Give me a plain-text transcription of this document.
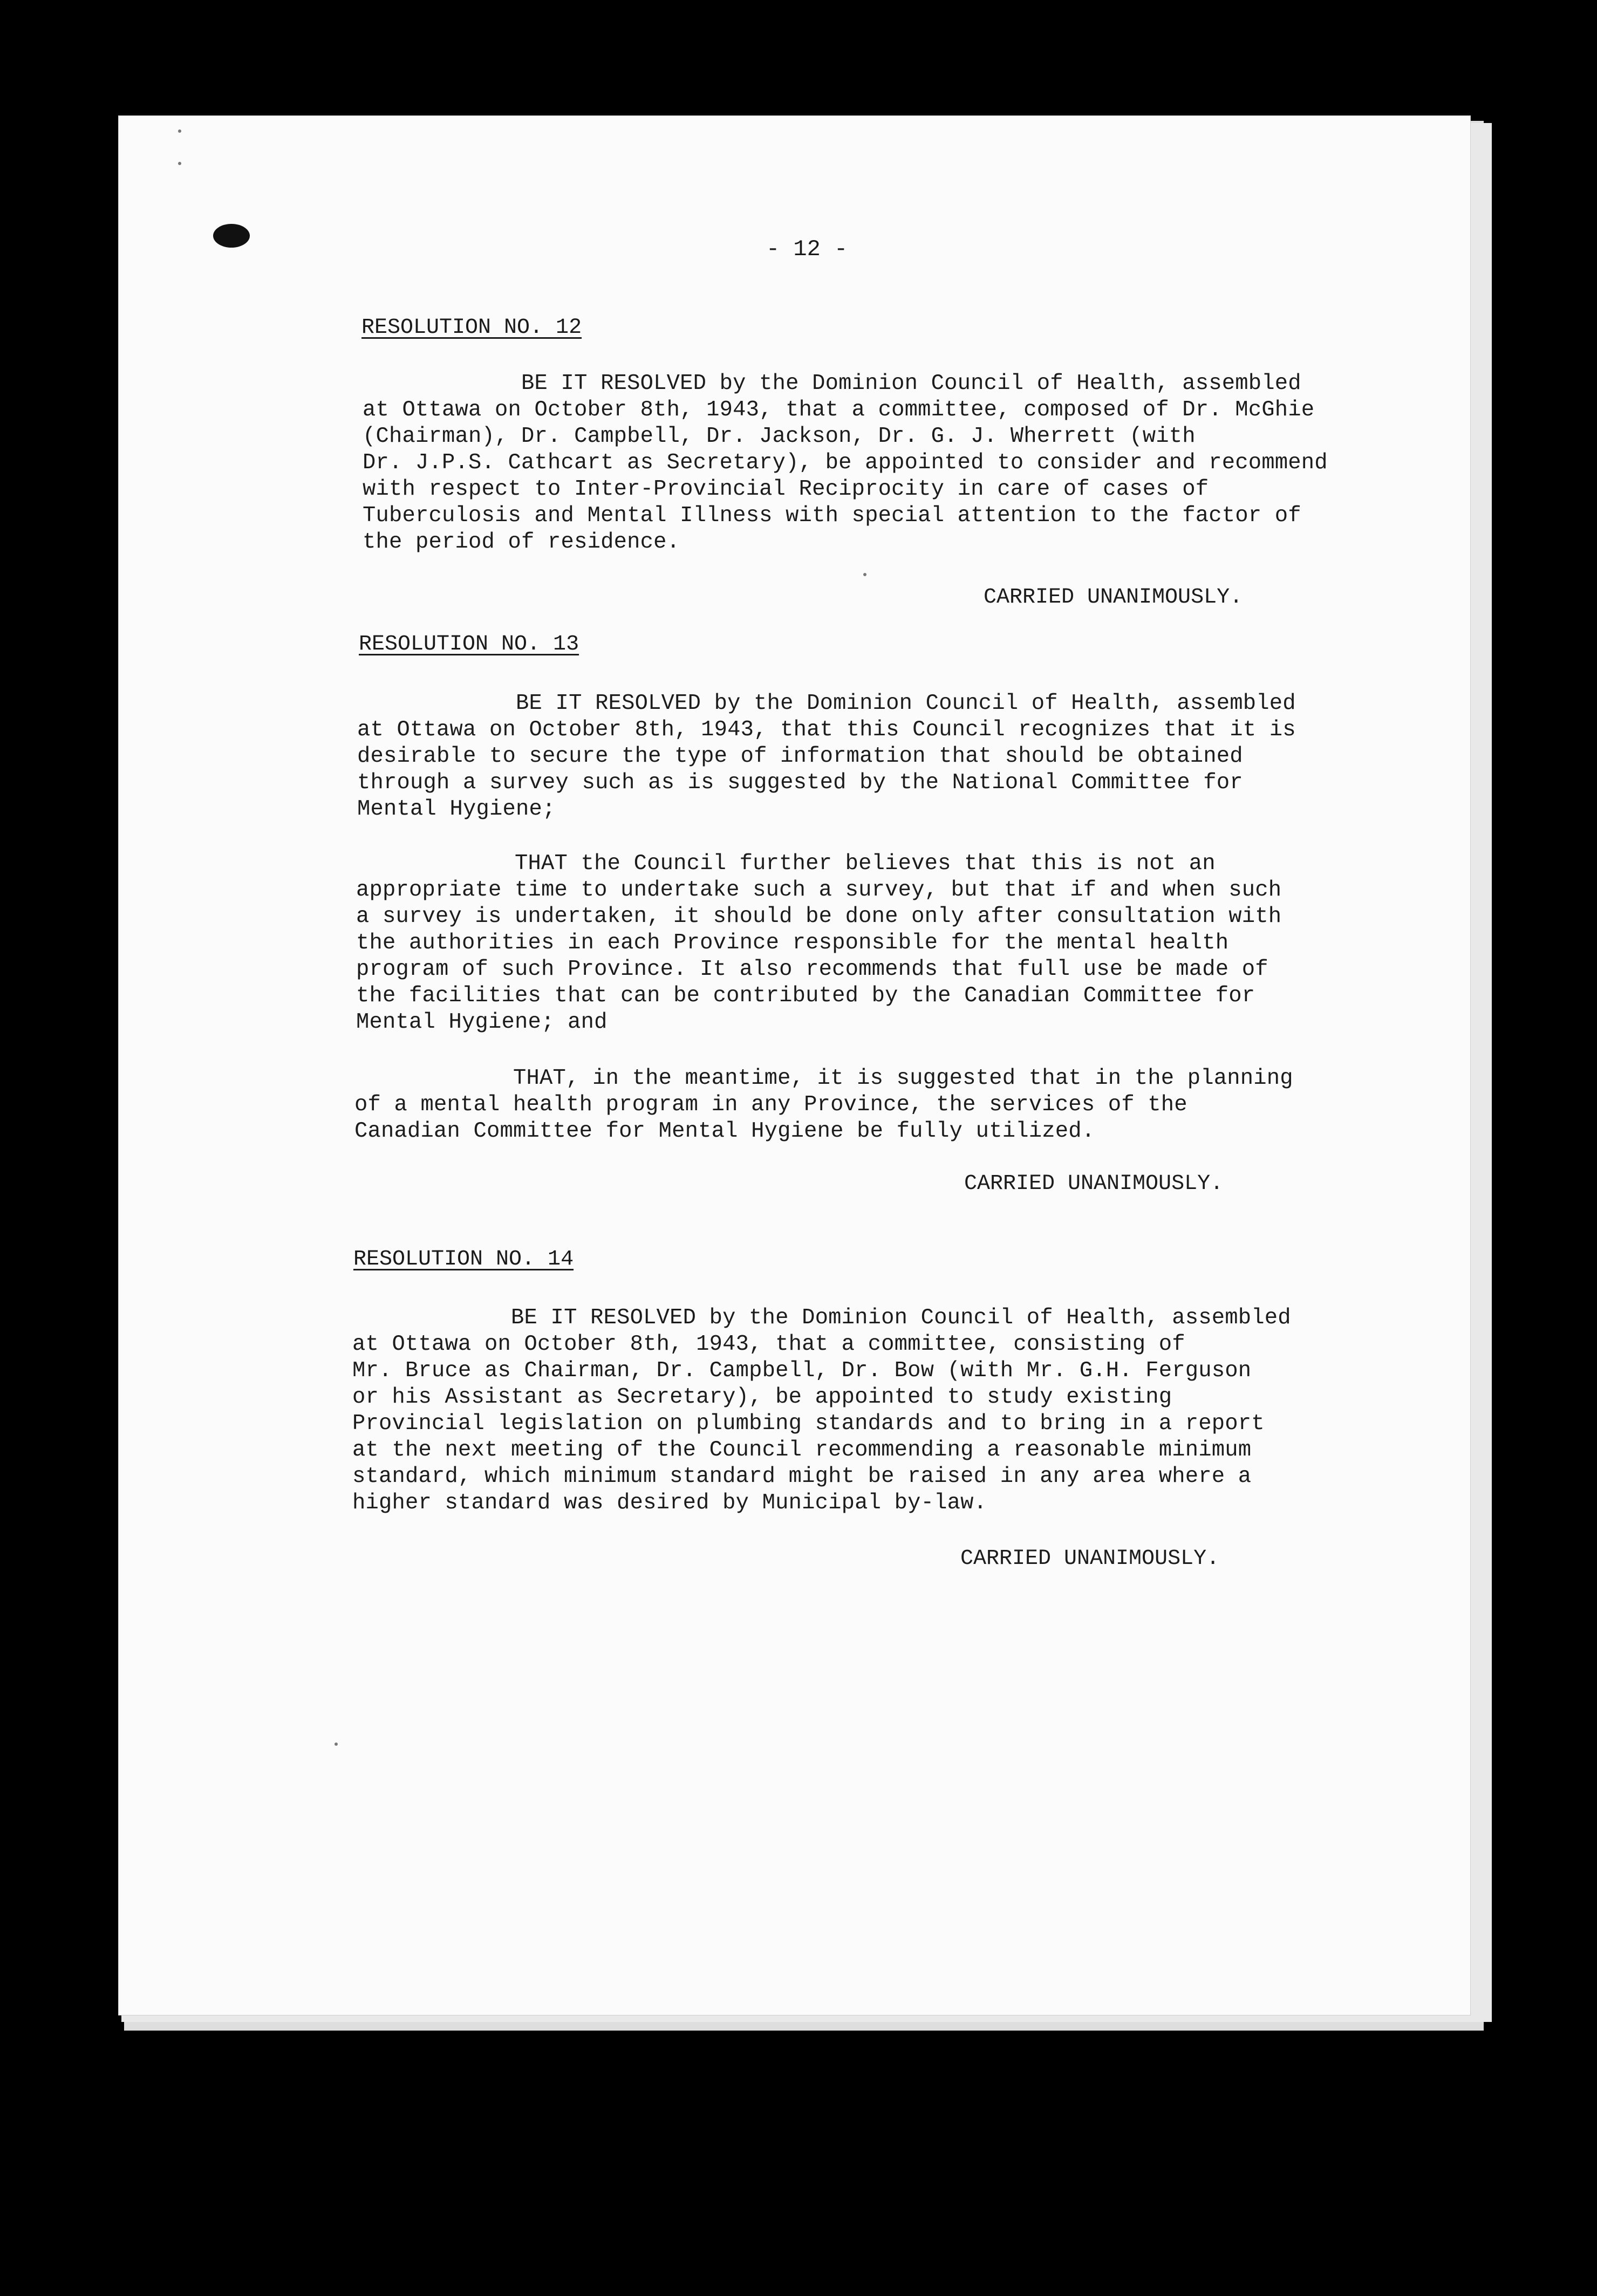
- 12 -
RESOLUTION NO. 12
BE IT RESOLVED by the Dominion Council of Health, assembled
at Ottawa on October 8th, 1943, that a committee, composed of Dr. McGhie
(Chairman), Dr. Campbell, Dr. Jackson, Dr. G. J. Wherrett (with
Dr. J.P.S. Cathcart as Secretary), be appointed to consider and recommend
with respect to Inter-Provincial Reciprocity in care of cases of
Tuberculosis and Mental Illness with special attention to the factor of
the period of residence.
CARRIED UNANIMOUSLY.
RESOLUTION NO. 13
BE IT RESOLVED by the Dominion Council of Health, assembled
at Ottawa on October 8th, 1943, that this Council recognizes that it is
desirable to secure the type of information that should be obtained
through a survey such as is suggested by the National Committee for
Mental Hygiene;
THAT the Council further believes that this is not an
appropriate time to undertake such a survey, but that if and when such
a survey is undertaken, it should be done only after consultation with
the authorities in each Province responsible for the mental health
program of such Province. It also recommends that full use be made of
the facilities that can be contributed by the Canadian Committee for
Mental Hygiene; and
THAT, in the meantime, it is suggested that in the planning
of a mental health program in any Province, the services of the
Canadian Committee for Mental Hygiene be fully utilized.
CARRIED UNANIMOUSLY.
RESOLUTION NO. 14
BE IT RESOLVED by the Dominion Council of Health, assembled
at Ottawa on October 8th, 1943, that a committee, consisting of
Mr. Bruce as Chairman, Dr. Campbell, Dr. Bow (with Mr. G.H. Ferguson
or his Assistant as Secretary), be appointed to study existing
Provincial legislation on plumbing standards and to bring in a report
at the next meeting of the Council recommending a reasonable minimum
standard, which minimum standard might be raised in any area where a
higher standard was desired by Municipal by-law.
CARRIED UNANIMOUSLY.
